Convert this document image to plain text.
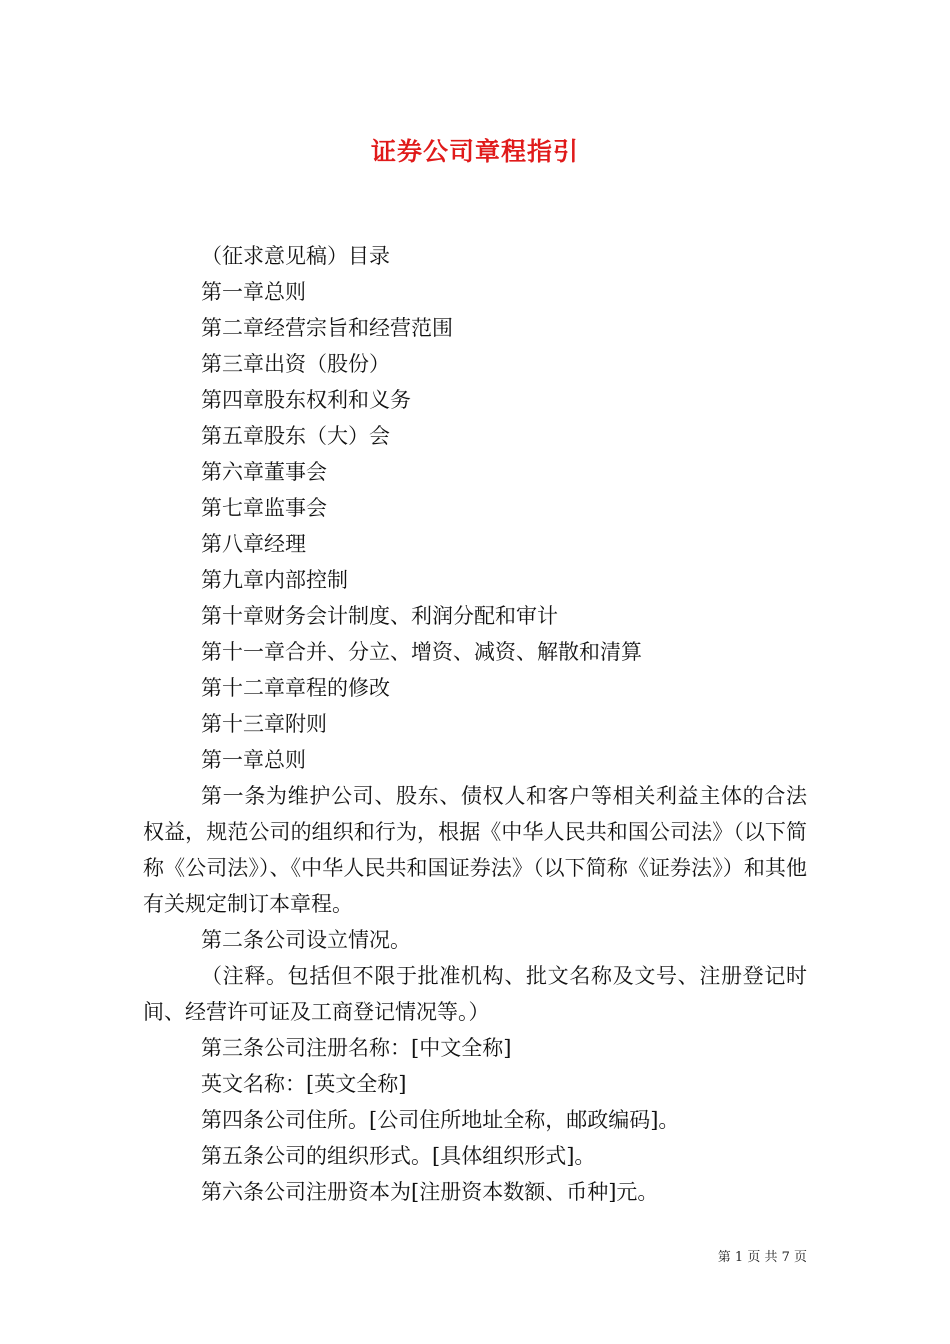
证券公司章程指引

（征求意见稿）目录

第一章总则

第二章经营宗旨和经营范围

第三章出资（股份）

第四章股东权利和义务

第五章股东（大）会

第六章董事会

第七章监事会

第八章经理

第九章内部控制

第十章财务会计制度、利润分配和审计

第十一章合并、分立、增资、减资、解散和清算

第十二章章程的修改

第十三章附则

第一章总则

第一条为维护公司、股东、债权人和客户等相关利益主体的合法权益，规范公司的组织和行为，根据《中华人民共和国公司法》（以下简称《公司法》）、《中华人民共和国证券法》（以下简称《证券法》）和其他有关规定制订本章程。

第二条公司设立情况。

（注释。包括但不限于批准机构、批文名称及文号、注册登记时间、经营许可证及工商登记情况等。）

第三条公司注册名称：[中文全称]

英文名称：[英文全称]

第四条公司住所。[公司住所地址全称，邮政编码]。

第五条公司的组织形式。[具体组织形式]。

第六条公司注册资本为[注册资本数额、币种]元。

第 1 页 共 7 页
